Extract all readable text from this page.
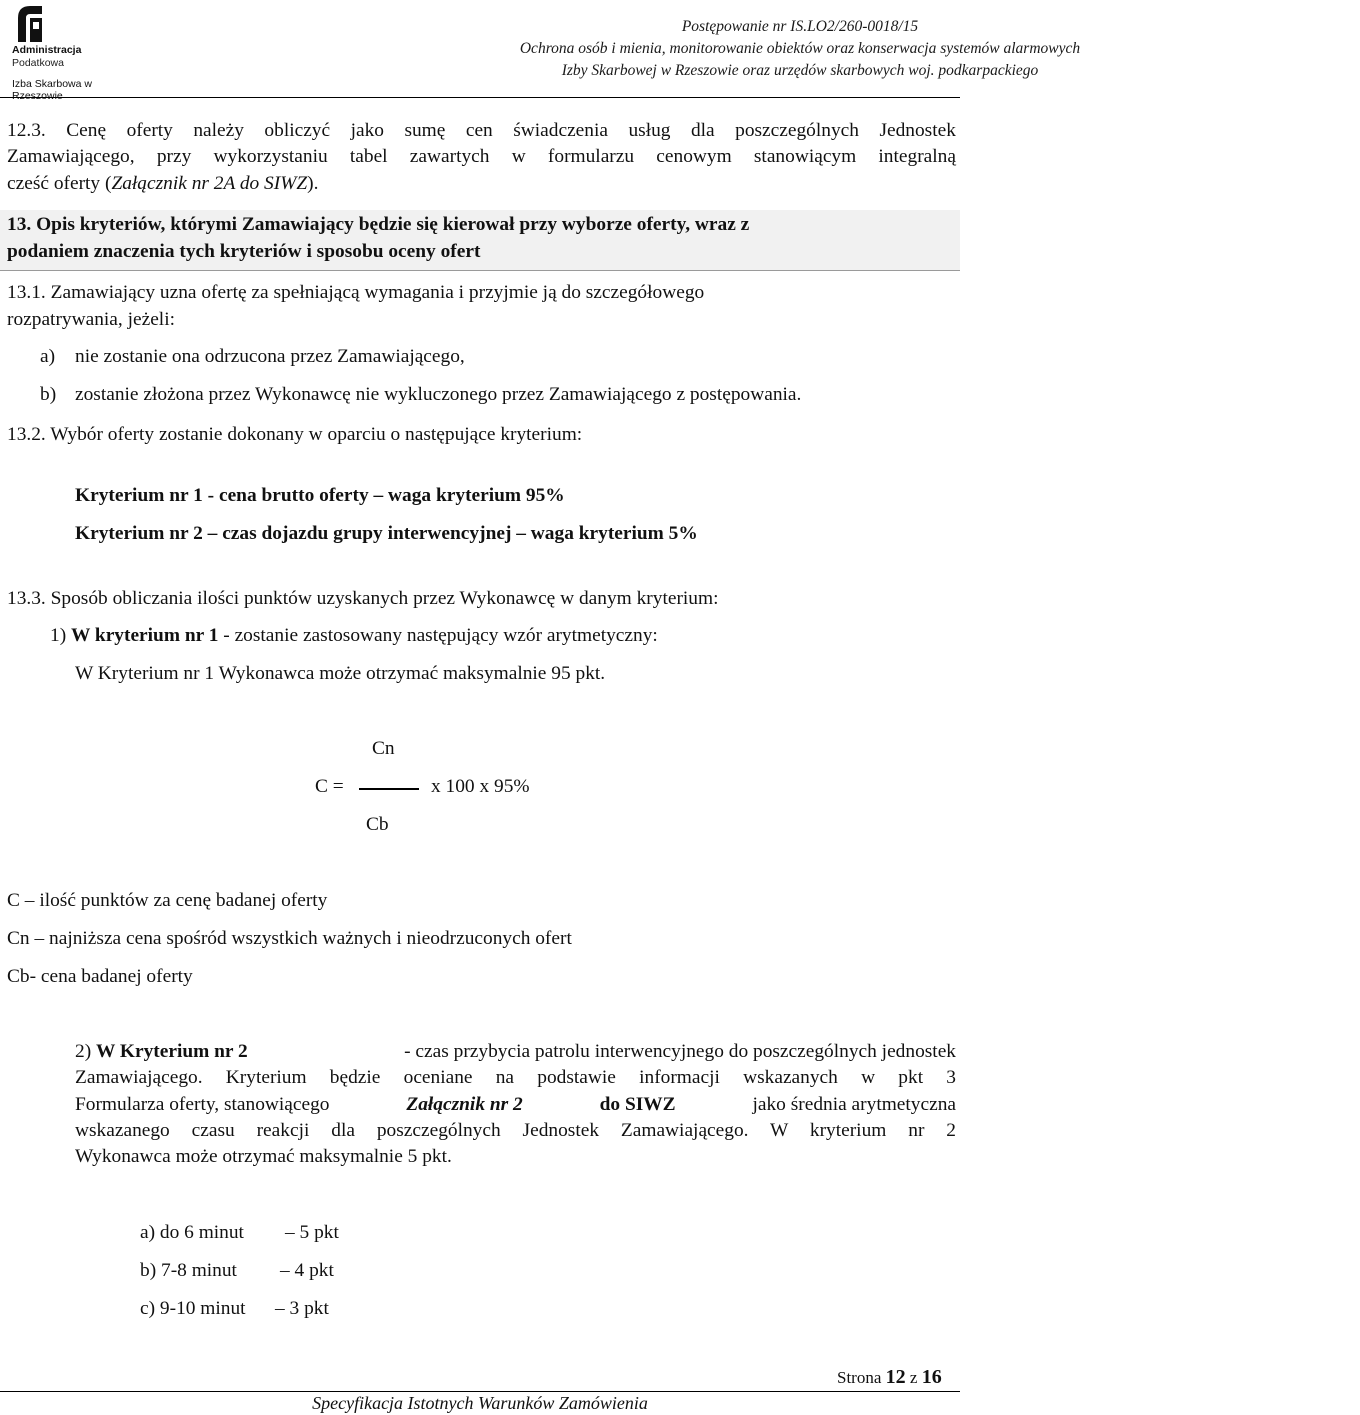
Administracja
Podatkowa
Izba Skarbowa w Rzeszowie
Postępowanie nr IS.LO2/260-0018/15
Ochrona osób i mienia, monitorowanie obiektów oraz konserwacja systemów alarmowych
Izby Skarbowej w Rzeszowie oraz urzędów skarbowych woj. podkarpackiego
12.3. Cenę oferty należy obliczyć jako sumę cen świadczenia usług dla poszczególnych Jednostek
Zamawiającego, przy wykorzystaniu tabel zawartych w formularzu cenowym stanowiącym integralną
cześć oferty (Załącznik nr 2A do SIWZ).
13. Opis kryteriów, którymi Zamawiający będzie się kierował przy wyborze oferty, wraz z
podaniem znaczenia tych kryteriów i sposobu oceny ofert
13.1. Zamawiający uzna ofertę za spełniającą wymagania i przyjmie ją do szczegółowego
rozpatrywania, jeżeli:
a) nie zostanie ona odrzucona przez Zamawiającego,
b) zostanie złożona przez Wykonawcę nie wykluczonego przez Zamawiającego z postępowania.
13.2. Wybór oferty zostanie dokonany w oparciu o następujące kryterium:
Kryterium nr 1 - cena brutto oferty – waga kryterium 95%
Kryterium nr 2 – czas dojazdu grupy interwencyjnej – waga kryterium 5%
13.3. Sposób obliczania ilości punktów uzyskanych przez Wykonawcę w danym kryterium:
1) W kryterium nr 1 - zostanie zastosowany następujący wzór arytmetyczny:
W Kryterium nr 1 Wykonawca może otrzymać maksymalnie 95 pkt.
Cn
C =	x 100 x 95%
Cb
C – ilość punktów za cenę badanej oferty
Cn – najniższa cena spośród wszystkich ważnych i nieodrzuconych ofert
Cb- cena badanej oferty
2) W Kryterium nr 2	- czas przybycia patrolu interwencyjnego do poszczególnych jednostek
Zamawiającego. Kryterium będzie oceniane na podstawie informacji wskazanych w pkt 3
Formularza oferty, stanowiącego	Załącznik nr 2	do SIWZ	jako średnia arytmetyczna
wskazanego czasu reakcji dla poszczególnych Jednostek Zamawiającego. W kryterium nr 2
Wykonawca może otrzymać maksymalnie 5 pkt.
a) do 6 minut – 5 pkt
b) 7-8 minut – 4 pkt
c) 9-10 minut – 3 pkt
Strona 12 z 16
Specyfikacja Istotnych Warunków Zamówienia
